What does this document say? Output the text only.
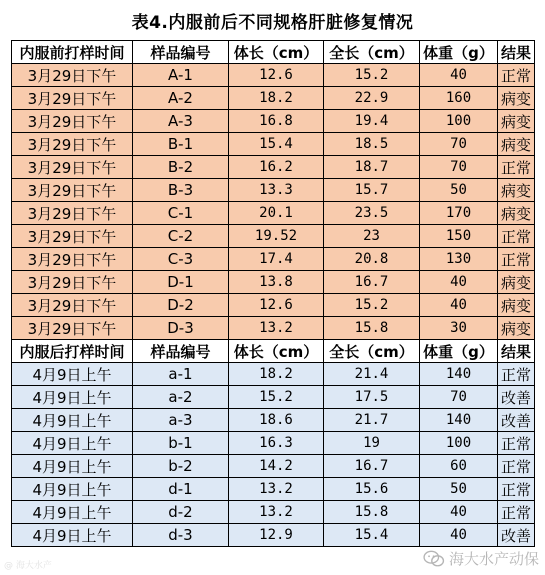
表4.内服前后不同规格肝脏修复情况
内服前打样时间	样品编号	体长（cm）	全长（cm）	体重（g）	结果
3月29日下午	A-1	12.6	15.2	40	正常
3月29日下午	A-2	18.2	22.9	160	病变
3月29日下午	A-3	16.8	19.4	100	病变
3月29日下午	B-1	15.4	18.5	70	病变
3月29日下午	B-2	16.2	18.7	70	正常
3月29日下午	B-3	13.3	15.7	50	病变
3月29日下午	C-1	20.1	23.5	170	病变
3月29日下午	C-2	19.52	23	150	正常
3月29日下午	C-3	17.4	20.8	130	正常
3月29日下午	D-1	13.8	16.7	40	病变
3月29日下午	D-2	12.6	15.2	40	病变
3月29日下午	D-3	13.2	15.8	30	病变
内服后打样时间	样品编号	体长（cm）	全长（cm）	体重（g）	结果
4月9日上午	a-1	18.2	21.4	140	正常
4月9日上午	a-2	15.2	17.5	70	改善
4月9日上午	a-3	18.6	21.7	140	改善
4月9日上午	b-1	16.3	19	100	正常
4月9日上午	b-2	14.2	16.7	60	正常
4月9日上午	d-1	13.2	15.6	50	正常
4月9日上午	d-2	13.2	15.8	40	正常
4月9日上午	d-3	12.9	15.4	40	改善
海大水产动保
@ 海大水产
